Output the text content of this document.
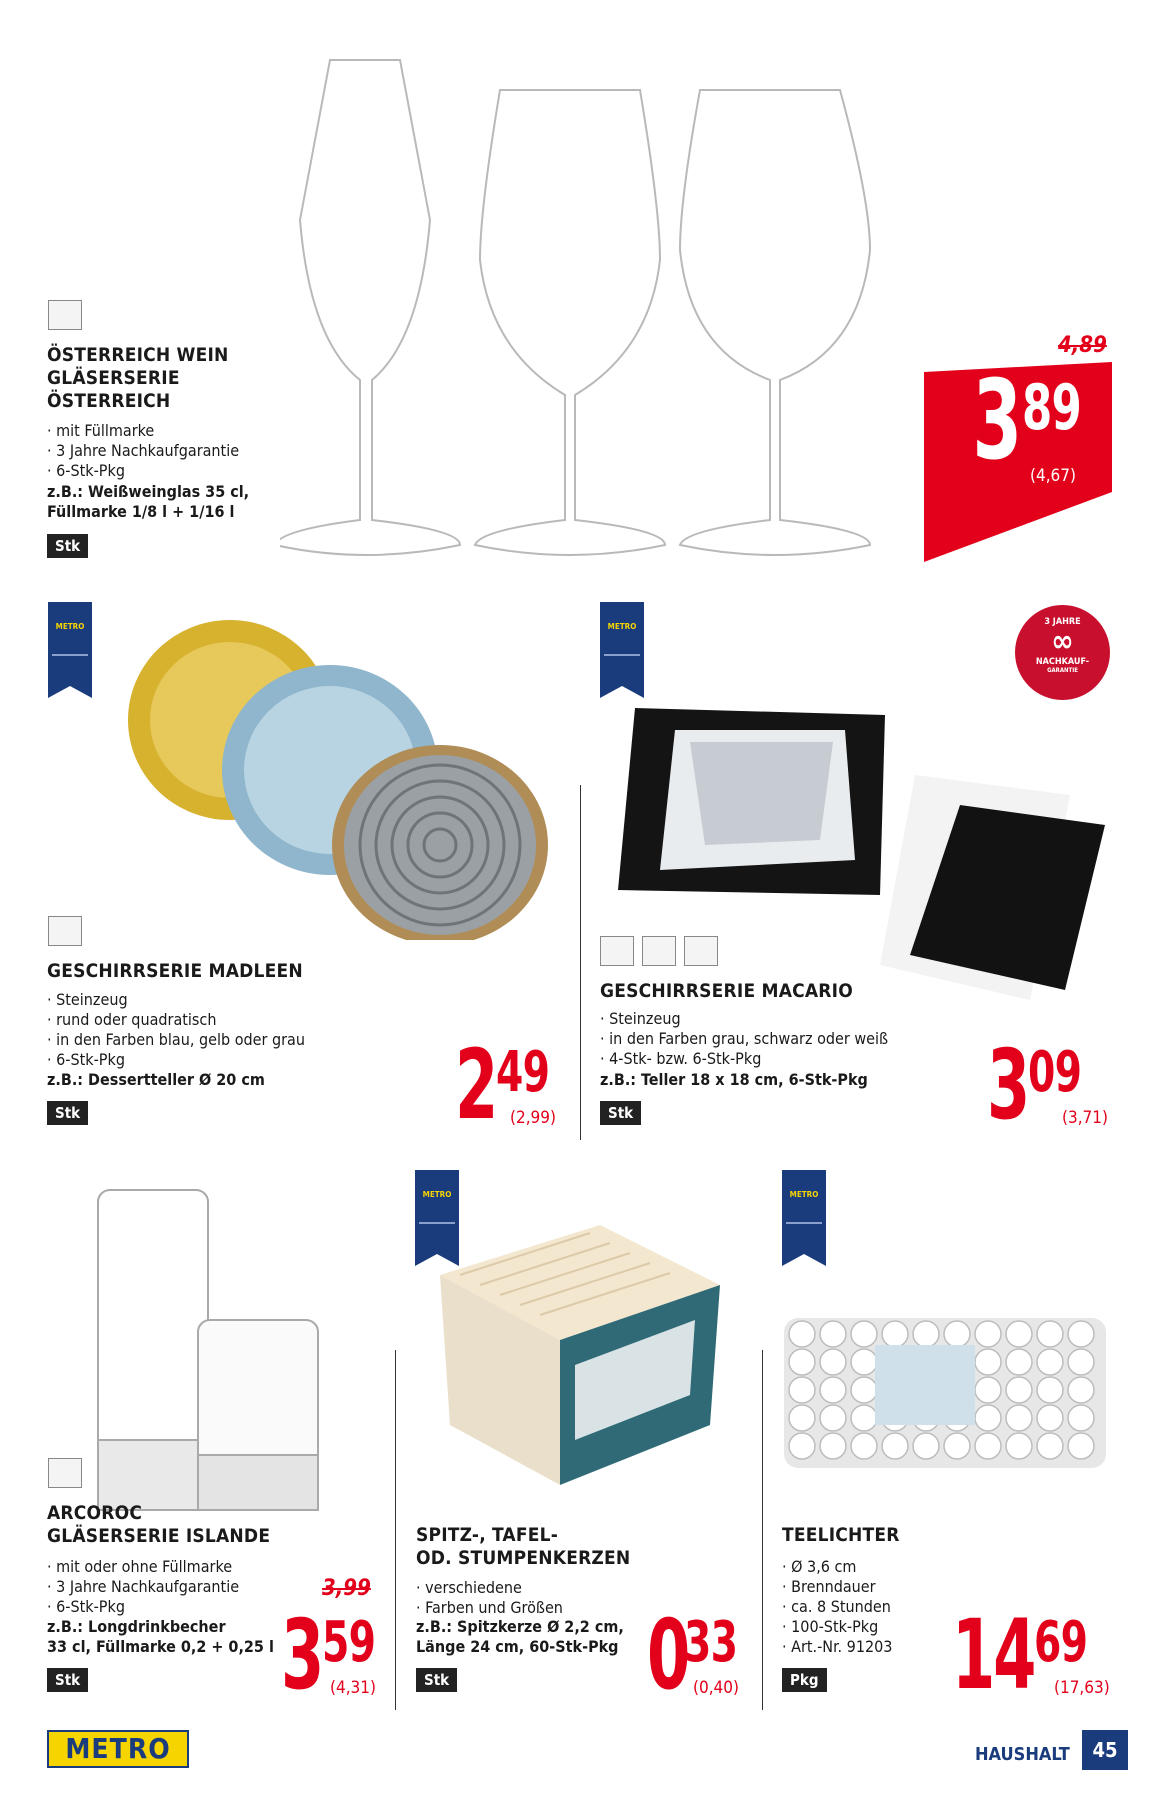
ÖSTERREICH WEIN
GLÄSERSERIE
ÖSTERREICH
· mit Füllmarke
· 3 Jahre Nachkaufgarantie
· 6-Stk-Pkg
z.B.: Weißweinglas 35 cl,
Füllmarke 1/8 l + 1/16 l
Stk
4,89
3 89
(4,67)
METRO
GESCHIRRSERIE MADLEEN
· Steinzeug
· rund oder quadratisch
· in den Farben blau, gelb oder grau
· 6-Stk-Pkg
z.B.: Dessertteller Ø 20 cm
Stk	2 49
(2,99)
METRO	3 JAHRE
∞
NACHKAUF-
GARANTIE
GESCHIRRSERIE MACARIO
· Steinzeug
· in den Farben grau, schwarz oder weiß
· 4-Stk- bzw. 6-Stk-Pkg
z.B.: Teller 18 x 18 cm, 6-Stk-Pkg
Stk	3 09
(3,71)
ARCOROC
GLÄSERSERIE ISLANDE
· mit oder ohne Füllmarke
· 3 Jahre Nachkaufgarantie
· 6-Stk-Pkg
z.B.: Longdrinkbecher
33 cl, Füllmarke 0,2 + 0,25 l
Stk
3,99
3 59
(4,31)
METRO
SPITZ-, TAFEL-
OD. STUMPENKERZEN
· verschiedene
· Farben und Größen
z.B.: Spitzkerze Ø 2,2 cm,
Länge 24 cm, 60-Stk-Pkg
Stk 0
33
(0,40)
METRO
TEELICHTER
· Ø 3,6 cm
· Brenndauer
· ca. 8 Stunden
· 100-Stk-Pkg
· Art.-Nr. 91203
Pkg	14 69
(17,63)
METRO	HAUSHALT	45
